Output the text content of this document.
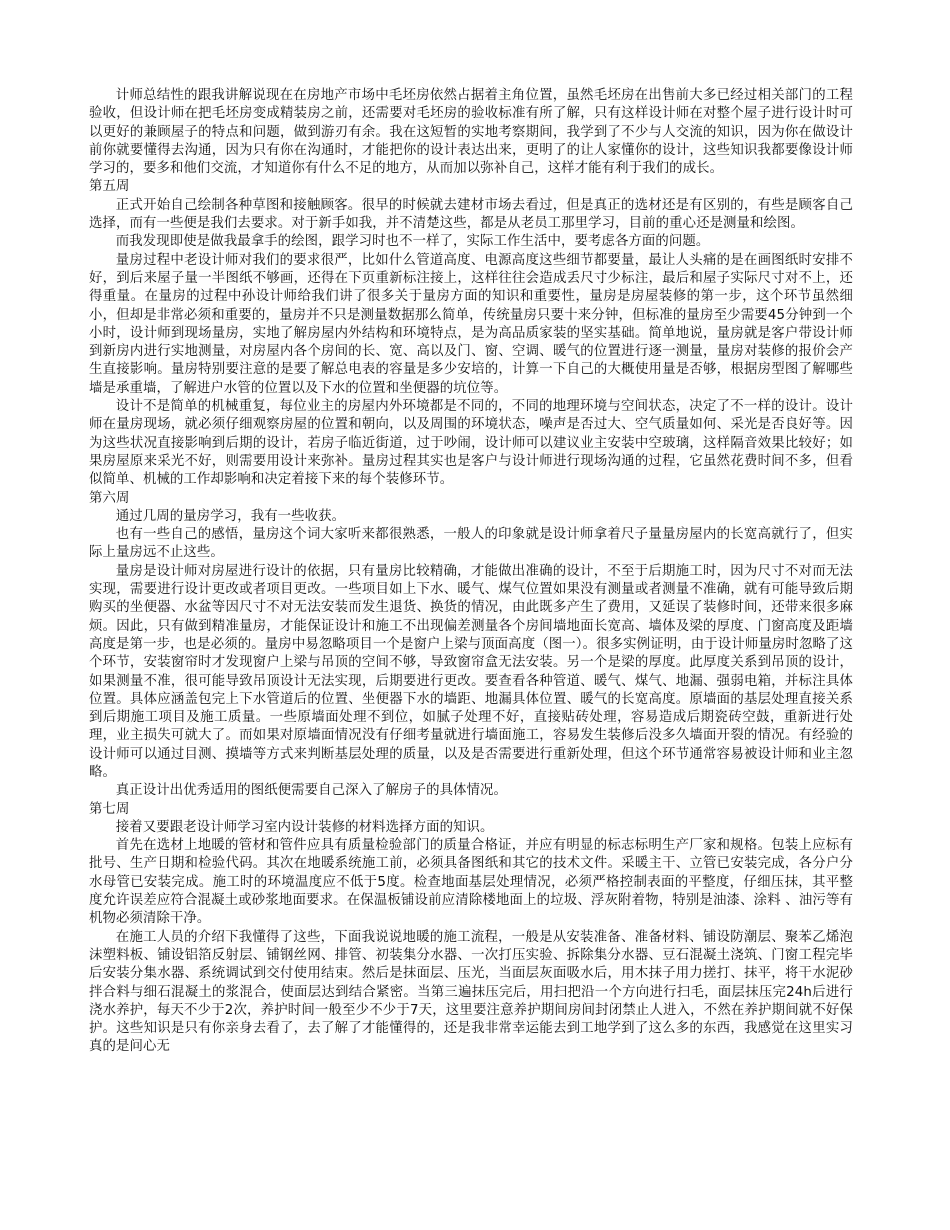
计师总结性的跟我讲解说现在在房地产市场中毛坯房依然占据着主角位置，虽然毛坯房在出售前大多已经过相关部门的工程验收，但设计师在把毛坯房变成精装房之前，还需要对毛坯房的验收标准有所了解，只有这样设计师在对整个屋子进行设计时可以更好的兼顾屋子的特点和问题，做到游刃有余。我在这短暂的实地考察期间，我学到了不少与人交流的知识，因为你在做设计前你就要懂得去沟通，因为只有你在沟通时，才能把你的设计表达出来，更明了的让人家懂你的设计，这些知识我都要像设计师学习的，要多和他们交流，才知道你有什么不足的地方，从而加以弥补自己，这样才能有利于我们的成长。

第五周

正式开始自己绘制各种草图和接触顾客。很早的时候就去建材市场去看过，但是真正的选材还是有区别的，有些是顾客自己选择，而有一些便是我们去要求。对于新手如我，并不清楚这些，都是从老员工那里学习，目前的重心还是测量和绘图。

而我发现即使是做我最拿手的绘图，跟学习时也不一样了，实际工作生活中，要考虑各方面的问题。

量房过程中老设计师对我们的要求很严，比如什么管道高度、电源高度这些细节都要量，最让人头痛的是在画图纸时安排不好，到后来屋子量一半图纸不够画，还得在下页重新标注接上，这样往往会造成丢尺寸少标注，最后和屋子实际尺寸对不上，还得重量。在量房的过程中孙设计师给我们讲了很多关于量房方面的知识和重要性，量房是房屋装修的第一步，这个环节虽然细小，但却是非常必须和重要的，量房并不只是测量数据那么简单，传统量房只要十来分钟，但标准的量房至少需要45分钟到一个小时，设计师到现场量房，实地了解房屋内外结构和环境特点，是为高品质家装的坚实基础。简单地说，量房就是客户带设计师到新房内进行实地测量，对房屋内各个房间的长、宽、高以及门、窗、空调、暖气的位置进行逐一测量，量房对装修的报价会产生直接影响。量房特别要注意的是要了解总电表的容量是多少安培的，计算一下自己的大概使用量是否够，根据房型图了解哪些墙是承重墙，了解进户水管的位置以及下水的位置和坐便器的坑位等。

设计不是简单的机械重复，每位业主的房屋内外环境都是不同的，不同的地理环境与空间状态，决定了不一样的设计。设计师在量房现场，就必须仔细观察房屋的位置和朝向，以及周围的环境状态，噪声是否过大、空气质量如何、采光是否良好等。因为这些状况直接影响到后期的设计，若房子临近街道，过于吵闹，设计师可以建议业主安装中空玻璃，这样隔音效果比较好；如果房屋原来采光不好，则需要用设计来弥补。量房过程其实也是客户与设计师进行现场沟通的过程，它虽然花费时间不多，但看似简单、机械的工作却影响和决定着接下来的每个装修环节。

第六周

通过几周的量房学习，我有一些收获。

也有一些自己的感悟，量房这个词大家听来都很熟悉，一般人的印象就是设计师拿着尺子量量房屋内的长宽高就行了，但实际上量房远不止这些。

量房是设计师对房屋进行设计的依据，只有量房比较精确，才能做出准确的设计，不至于后期施工时，因为尺寸不对而无法实现，需要进行设计更改或者项目更改。一些项目如上下水、暖气、煤气位置如果没有测量或者测量不准确，就有可能导致后期购买的坐便器、水盆等因尺寸不对无法安装而发生退货、换货的情况，由此既多产生了费用，又延误了装修时间，还带来很多麻烦。因此，只有做到精准量房，才能保证设计和施工不出现偏差测量各个房间墙地面长宽高、墙体及梁的厚度、门窗高度及距墙高度是第一步，也是必须的。量房中易忽略项目一个是窗户上梁与顶面高度（图一）。很多实例证明，由于设计师量房时忽略了这个环节，安装窗帘时才发现窗户上梁与吊顶的空间不够，导致窗帘盒无法安装。另一个是梁的厚度。此厚度关系到吊顶的设计，如果测量不准，很可能导致吊顶设计无法实现，后期要进行更改。要查看各种管道、暖气、煤气、地漏、强弱电箱，并标注具体位置。具体应涵盖包完上下水管道后的位置、坐便器下水的墙距、地漏具体位置、暖气的长宽高度。原墙面的基层处理直接关系到后期施工项目及施工质量。一些原墙面处理不到位，如腻子处理不好，直接贴砖处理，容易造成后期瓷砖空鼓，重新进行处理，业主损失可就大了。而如果对原墙面情况没有仔细考量就进行墙面施工，容易发生装修后没多久墙面开裂的情况。有经验的设计师可以通过目测、摸墙等方式来判断基层处理的质量，以及是否需要进行重新处理，但这个环节通常容易被设计师和业主忽略。

真正设计出优秀适用的图纸便需要自己深入了解房子的具体情况。

第七周

接着又要跟老设计师学习室内设计装修的材料选择方面的知识。

首先在选材上地暖的管材和管件应具有质量检验部门的质量合格证，并应有明显的标志标明生产厂家和规格。包装上应标有批号、生产日期和检验代码。其次在地暖系统施工前，必须具备图纸和其它的技术文件。采暖主干、立管已安装完成，各分户分水母管已安装完成。施工时的环境温度应不低于5度。检查地面基层处理情况，必须严格控制表面的平整度，仔细压抹，其平整度允许误差应符合混凝土或砂浆地面要求。在保温板铺设前应清除楼地面上的垃圾、浮灰附着物，特别是油漆、涂料 、油污等有机物必须清除干净。

在施工人员的介绍下我懂得了这些，下面我说说地暖的施工流程，一般是从安装准备、准备材料、铺设防潮层、聚苯乙烯泡沫塑料板、铺设铝箔反射层、铺钢丝网、排管、初装集分水器、一次打压实验、拆除集分水器、豆石混凝土浇筑、门窗工程完毕后安装分集水器、系统调试到交付使用结束。然后是抹面层、压光，当面层灰面吸水后，用木抹子用力搓打、抹平，将干水泥砂拌合料与细石混凝土的浆混合，使面层达到结合紧密。当第三遍抹压完后，用扫把沿一个方向进行扫毛，面层抹压完24h后进行浇水养护，每天不少于2次，养护时间一般至少不少于7天，这里要注意养护期间房间封闭禁止人进入，不然在养护期间就不好保护。这些知识是只有你亲身去看了，去了解了才能懂得的，还是我非常幸运能去到工地学到了这么多的东西，我感觉在这里实习真的是问心无
